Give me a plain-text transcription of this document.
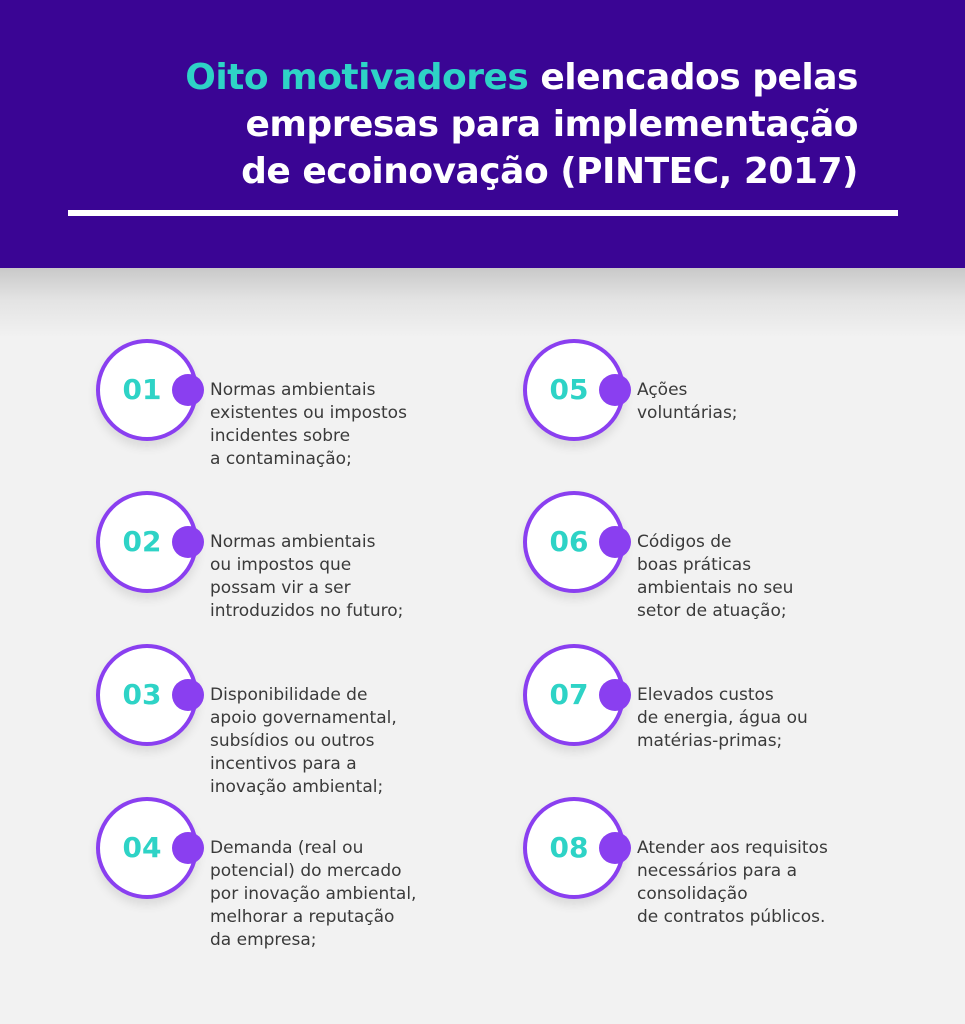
Oito motivadores elencados pelas
empresas para implementação
de ecoinovação (PINTEC, 2017)
01	Normas ambientais
existentes ou impostos
incidentes sobre
a contaminação;

02	Normas ambientais
ou impostos que
possam vir a ser
introduzidos no futuro;

03	Disponibilidade de
apoio governamental,
subsídios ou outros
incentivos para a
inovação ambiental;

04	Demanda (real ou
potencial) do mercado
por inovação ambiental,
melhorar a reputação
da empresa;

05	Ações
voluntárias;

06	Códigos de
boas práticas
ambientais no seu
setor de atuação;

07	Elevados custos
de energia, água ou
matérias-primas;

08	Atender aos requisitos
necessários para a
consolidação
de contratos públicos.
